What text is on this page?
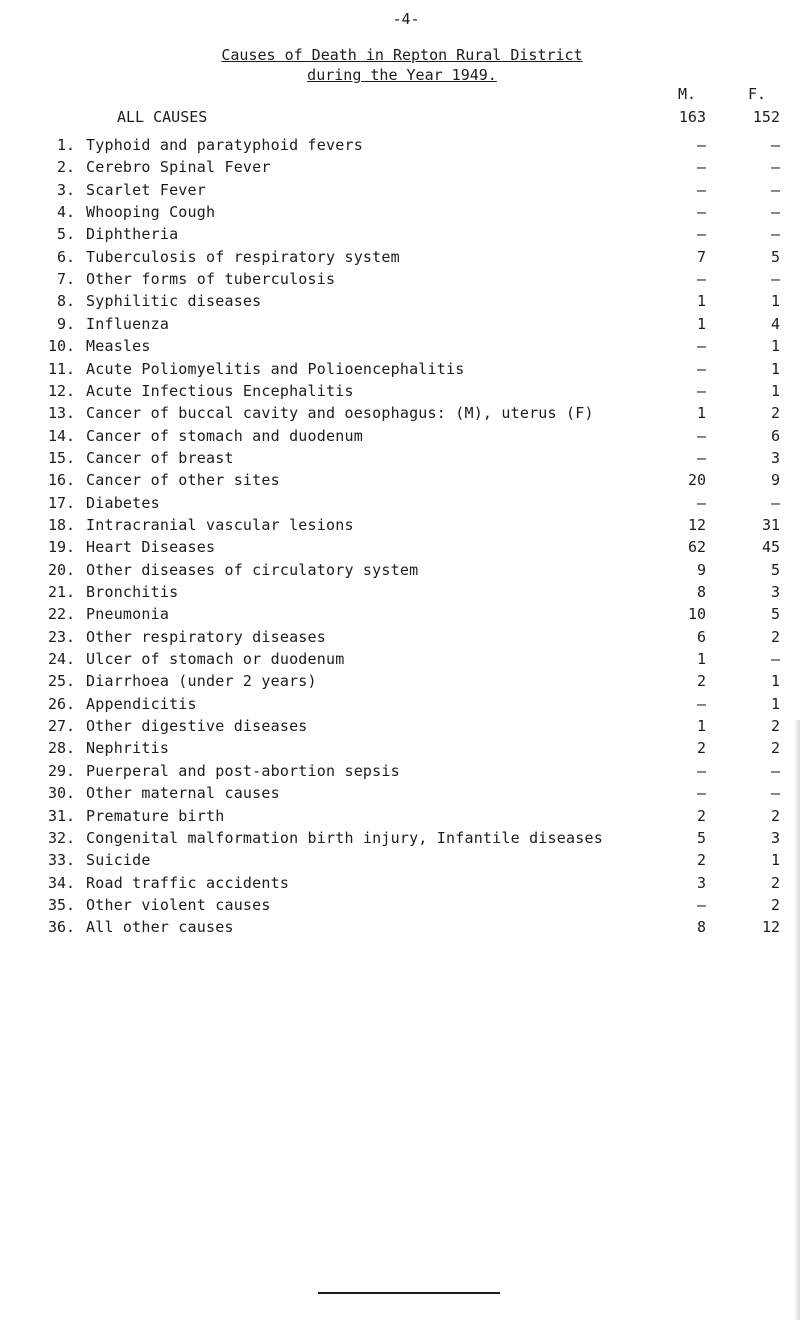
-4-
Causes of Death in Repton Rural District
during the Year 1949.
M.	F.
ALL CAUSES	163	152
1 . Typhoid and paratyphoid fevers	–	–
2 . Cerebro Spinal Fever	–	–
3 . Scarlet Fever	–	–
4 . Whooping Cough	–	–
5 . Diphtheria	–	–
6 . Tuberculosis of respiratory system	7	5
7 . Other forms of tuberculosis	–	–
8 . Syphilitic diseases	1	1
9 . Influenza	1	4
10 . Measles	–	1
11 . Acute Poliomyelitis and Polioencephalitis	–	1
12 . Acute Infectious Encephalitis	–	1
13 . Cancer of buccal cavity and oesophagus: (M), uterus (F)	1	2
14 . Cancer of stomach and duodenum	–	6
15 . Cancer of breast	–	3
16 . Cancer of other sites	20	9
17 . Diabetes	–	–
18 . Intracranial vascular lesions	12	31
19 . Heart Diseases	62	45
20 . Other diseases of circulatory system	9	5
21 . Bronchitis	8	3
22 . Pneumonia	10	5
23 . Other respiratory diseases	6	2
24 . Ulcer of stomach or duodenum	1	–
25 . Diarrhoea (under 2 years)	2	1
26 . Appendicitis	–	1
27 . Other digestive diseases	1	2
28 . Nephritis	2	2
29 . Puerperal and post-abortion sepsis	–	–
30 . Other maternal causes	–	–
31 . Premature birth	2	2
32 . Congenital malformation birth injury, Infantile diseases	5	3
33 . Suicide	2	1
34 . Road traffic accidents	3	2
35 . Other violent causes	–	2
36 . All other causes	8	12
